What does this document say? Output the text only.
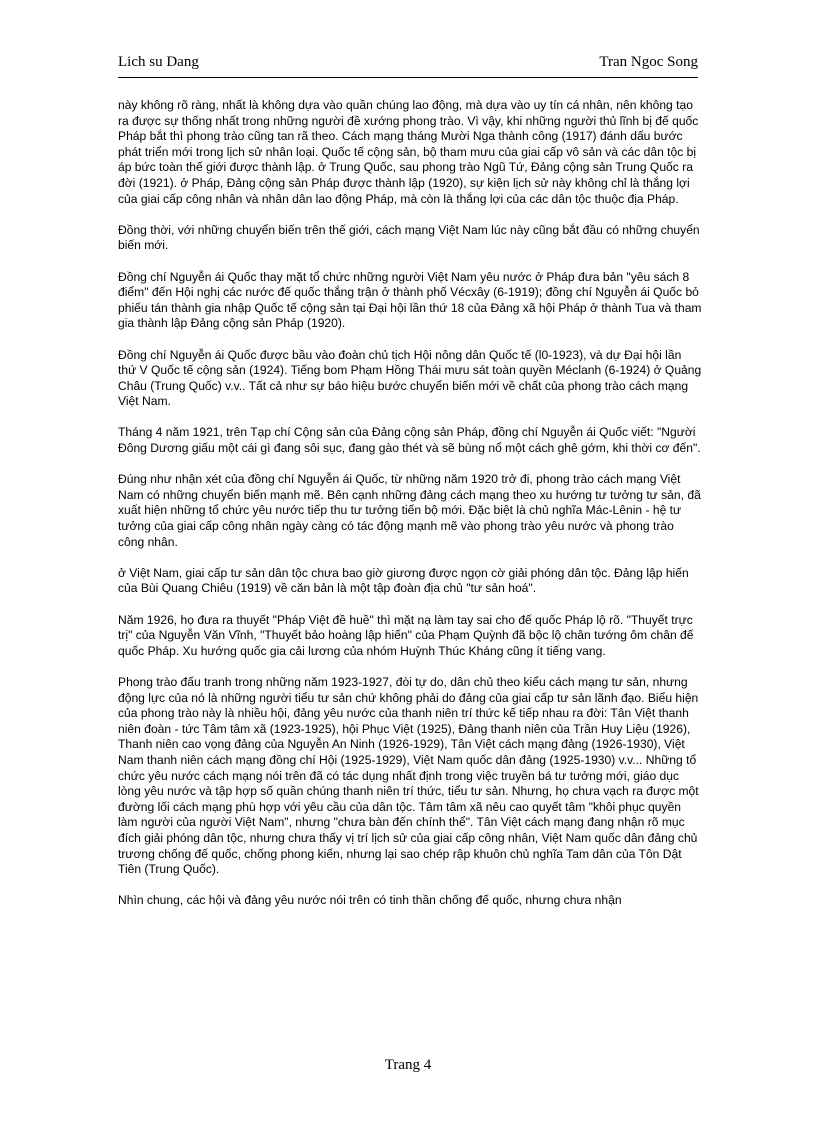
Lich su Dang	Tran Ngoc Song

này không rõ ràng, nhất là không dựa vào quần chúng lao động, mà dựa vào uy tín cá nhân, nên không tạo ra được sự thống nhất trong những người đề xướng phong trào. Vì vậy, khi những người thủ lĩnh bị đế quốc Pháp bắt thì phong trào cũng tan rã theo. Cách mạng tháng Mười Nga thành công (1917) đánh dấu bước phát triển mới trong lịch sử nhân loại. Quốc tế cộng sản, bộ tham mưu của giai cấp vô sản và các dân tộc bị áp bức toàn thế giới được thành lập. ở Trung Quốc, sau phong trào Ngũ Tứ, Đảng cộng sản Trung Quốc ra đời (1921). ở Pháp, Đảng cộng sản Pháp được thành lập (1920), sự kiện lịch sử này không chỉ là thắng lợi của giai cấp công nhân và nhân dân lao động Pháp, mà còn là thắng lợi của các dân tộc thuộc địa Pháp.

Đồng thời, với những chuyển biến trên thế giới, cách mạng Việt Nam lúc này cũng bắt đầu có những chuyển biến mới.

Đồng chí Nguyễn ái Quốc thay mặt tổ chức những người Việt Nam yêu nước ở Pháp đưa bản "yêu sách 8 điểm" đến Hội nghị các nước đế quốc thắng trận ở thành phố Vécxây (6-1919); đồng chí Nguyễn ái Quốc bỏ phiếu tán thành gia nhập Quốc tế cộng sản tại Đại hội lần thứ 18 của Đảng xã hội Pháp ở thành Tua và tham gia thành lập Đảng cộng sản Pháp (1920).

Đồng chí Nguyễn ái Quốc được bầu vào đoàn chủ tịch Hội nông dân Quốc tế (l0-1923), và dự Đại hội lần thứ V Quốc tế cộng sản (1924). Tiếng bom Phạm Hồng Thái mưu sát toàn quyền Méclanh (6-1924) ở Quảng Châu (Trung Quốc) v.v.. Tất cả như sự báo hiệu bước chuyển biến mới về chất của phong trào cách mạng Việt Nam.

Tháng 4 năm 1921, trên Tạp chí Cộng sản của Đảng cộng sản Pháp, đồng chí Nguyễn ái Quốc viết: "Người Đông Dương giấu một cái gì đang sôi sục, đang gào thét và sẽ bùng nổ một cách ghê gớm, khi thời cơ đến".

Đúng như nhận xét của đồng chí Nguyễn ái Quốc, từ những năm 1920 trở đi, phong trào cách mạng Việt Nam có những chuyển biến mạnh mẽ. Bên cạnh những đảng cách mạng theo xu hướng tư tưởng tư sản, đã xuất hiện những tổ chức yêu nước tiếp thu tư tưởng tiến bộ mới. Đặc biệt là chủ nghĩa Mác-Lênin - hệ tư tưởng của giai cấp công nhân ngày càng có tác động mạnh mẽ vào phong trào yêu nước và phong trào công nhân.

ở Việt Nam, giai cấp tư sản dân tộc chưa bao giờ giương được ngọn cờ giải phóng dân tộc. Đảng lập hiến của Bùi Quang Chiêu (1919) về căn bản là một tập đoàn địa chủ "tư sản hoá".

Năm 1926, họ đưa ra thuyết "Pháp Việt đề huề" thì mặt nạ làm tay sai cho đế quốc Pháp lộ rõ. "Thuyết trực trị" của Nguyễn Văn Vĩnh, "Thuyết bảo hoàng lập hiến" của Phạm Quỳnh đã bộc lộ chân tướng ôm chân đế quốc Pháp. Xu hướng quốc gia cải lương của nhóm Huỳnh Thúc Kháng cũng ít tiếng vang.

Phong trào đấu tranh trong những năm 1923-1927, đòi tự do, dân chủ theo kiểu cách mạng tư sản, nhưng động lực của nó là những người tiểu tư sản chứ không phải do đảng của giai cấp tư sản lãnh đạo. Biểu hiện của phong trào này là nhiều hội, đảng yêu nước của thanh niên trí thức kế tiếp nhau ra đời: Tân Việt thanh niên đoàn - tức Tâm tâm xã (1923-1925), hội Phục Việt (1925), Đảng thanh niên của Trần Huy Liệu (1926), Thanh niên cao vọng đảng của Nguyễn An Ninh (1926-1929), Tân Việt cách mạng đảng (1926-1930), Việt Nam thanh niên cách mạng đồng chí Hội (1925-1929), Việt Nam quốc dân đảng (1925-1930) v.v... Những tổ chức yêu nước cách mạng nói trên đã có tác dụng nhất định trong việc truyền bá tư tưởng mới, giáo dục lòng yêu nước và tập hợp số quần chúng thanh niên trí thức, tiểu tư sản. Nhưng, họ chưa vạch ra được một đường lối cách mạng phù hợp với yêu cầu của dân tộc. Tâm tâm xã nêu cao quyết tâm "khôi phục quyền làm người của người Việt Nam", nhưng "chưa bàn đến chính thể". Tân Việt cách mạng đang nhận rõ mục đích giải phóng dân tộc, nhưng chưa thấy vị trí lịch sử của giai cấp công nhân, Việt Nam quốc dân đảng chủ trương chống đế quốc, chống phong kiến, nhưng lại sao chép rập khuôn chủ nghĩa Tam dân của Tôn Dật Tiên (Trung Quốc).

Nhìn chung, các hội và đảng yêu nước nói trên có tinh thần chống đế quốc, nhưng chưa nhận

Trang 4
